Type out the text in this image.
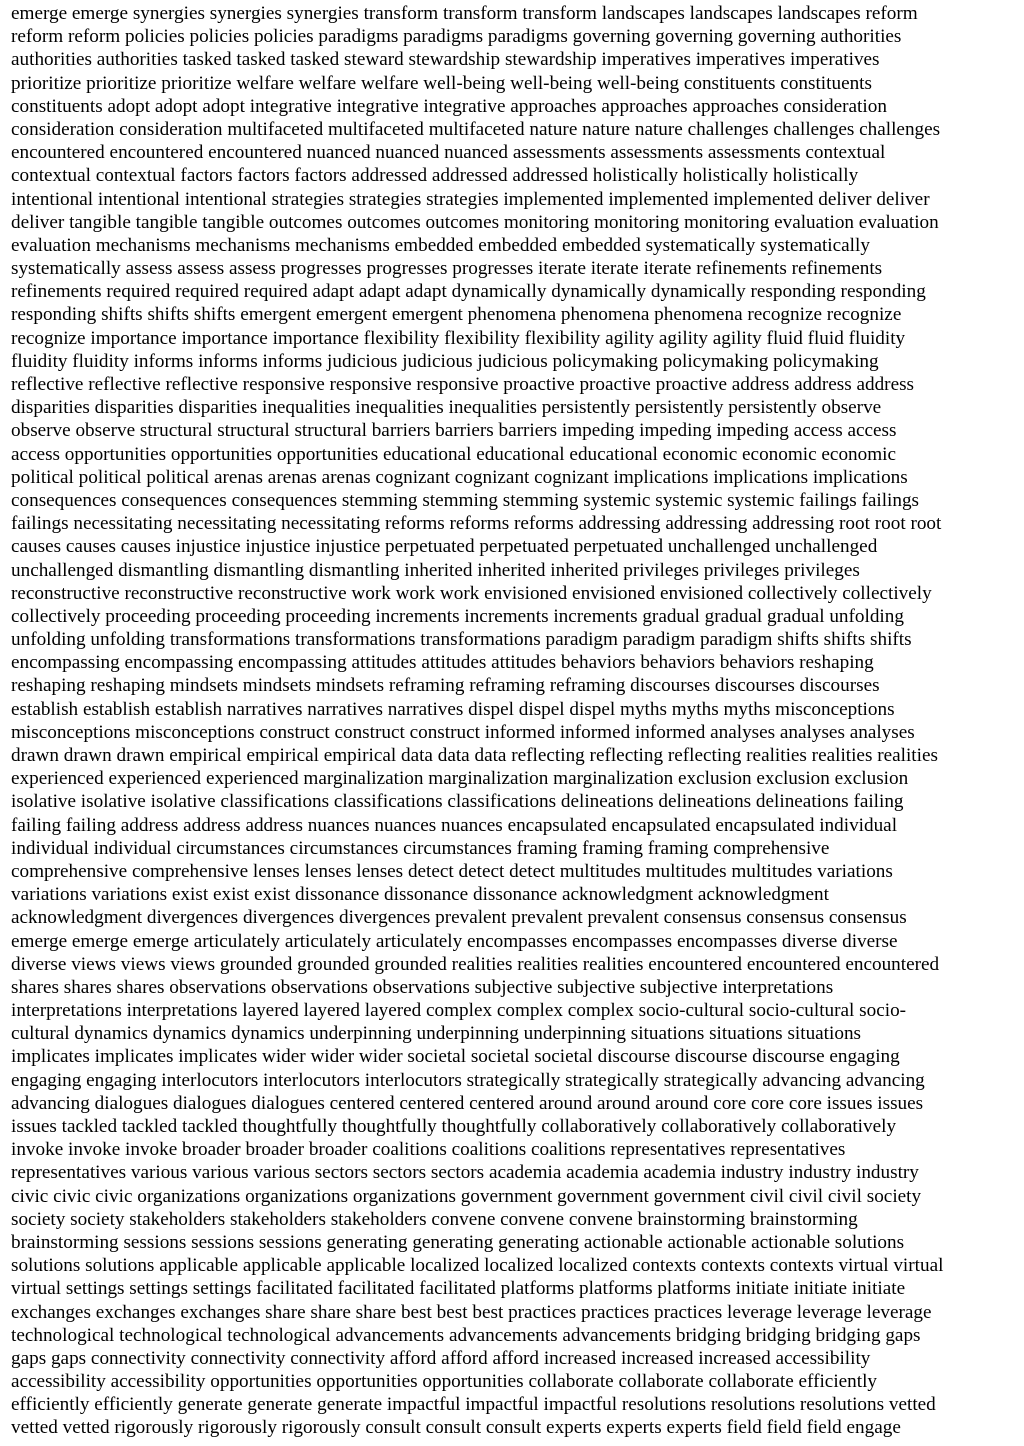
emerge emerge synergies synergies synergies transform transform transform landscapes landscapes landscapes reform
reform reform policies policies policies paradigms paradigms paradigms governing governing governing authorities
authorities authorities tasked tasked tasked steward stewardship stewardship imperatives imperatives imperatives
prioritize prioritize prioritize welfare welfare welfare well-being well-being well-being constituents constituents
constituents adopt adopt adopt integrative integrative integrative approaches approaches approaches consideration
consideration consideration multifaceted multifaceted multifaceted nature nature nature challenges challenges challenges
encountered encountered encountered nuanced nuanced nuanced assessments assessments assessments contextual
contextual contextual factors factors factors addressed addressed addressed holistically holistically holistically
intentional intentional intentional strategies strategies strategies implemented implemented implemented deliver deliver
deliver tangible tangible tangible outcomes outcomes outcomes monitoring monitoring monitoring evaluation evaluation
evaluation mechanisms mechanisms mechanisms embedded embedded embedded systematically systematically
systematically assess assess assess progresses progresses progresses iterate iterate iterate refinements refinements
refinements required required required adapt adapt adapt dynamically dynamically dynamically responding responding
responding shifts shifts shifts emergent emergent emergent phenomena phenomena phenomena recognize recognize
recognize importance importance importance flexibility flexibility flexibility agility agility agility fluid fluid fluidity
fluidity fluidity informs informs informs judicious judicious judicious policymaking policymaking policymaking
reflective reflective reflective responsive responsive responsive proactive proactive proactive address address address
disparities disparities disparities inequalities inequalities inequalities persistently persistently persistently observe
observe observe structural structural structural barriers barriers barriers impeding impeding impeding access access
access opportunities opportunities opportunities educational educational educational economic economic economic
political political political arenas arenas arenas cognizant cognizant cognizant implications implications implications
consequences consequences consequences stemming stemming stemming systemic systemic systemic failings failings
failings necessitating necessitating necessitating reforms reforms reforms addressing addressing addressing root root root
causes causes causes injustice injustice injustice perpetuated perpetuated perpetuated unchallenged unchallenged
unchallenged dismantling dismantling dismantling inherited inherited inherited privileges privileges privileges
reconstructive reconstructive reconstructive work work work envisioned envisioned envisioned collectively collectively
collectively proceeding proceeding proceeding increments increments increments gradual gradual gradual unfolding
unfolding unfolding transformations transformations transformations paradigm paradigm paradigm shifts shifts shifts
encompassing encompassing encompassing attitudes attitudes attitudes behaviors behaviors behaviors reshaping
reshaping reshaping mindsets mindsets mindsets reframing reframing reframing discourses discourses discourses
establish establish establish narratives narratives narratives dispel dispel dispel myths myths myths misconceptions
misconceptions misconceptions construct construct construct informed informed informed analyses analyses analyses
drawn drawn drawn empirical empirical empirical data data data reflecting reflecting reflecting realities realities realities
experienced experienced experienced marginalization marginalization marginalization exclusion exclusion exclusion
isolative isolative isolative classifications classifications classifications delineations delineations delineations failing
failing failing address address address nuances nuances nuances encapsulated encapsulated encapsulated individual
individual individual circumstances circumstances circumstances framing framing framing comprehensive
comprehensive comprehensive lenses lenses lenses detect detect detect multitudes multitudes multitudes variations
variations variations exist exist exist dissonance dissonance dissonance acknowledgment acknowledgment
acknowledgment divergences divergences divergences prevalent prevalent prevalent consensus consensus consensus
emerge emerge emerge articulately articulately articulately encompasses encompasses encompasses diverse diverse
diverse views views views grounded grounded grounded realities realities realities encountered encountered encountered
shares shares shares observations observations observations subjective subjective subjective interpretations
interpretations interpretations layered layered layered complex complex complex socio-cultural socio-cultural socio-
cultural dynamics dynamics dynamics underpinning underpinning underpinning situations situations situations
implicates implicates implicates wider wider wider societal societal societal discourse discourse discourse engaging
engaging engaging interlocutors interlocutors interlocutors strategically strategically strategically advancing advancing
advancing dialogues dialogues dialogues centered centered centered around around around core core core issues issues
issues tackled tackled tackled thoughtfully thoughtfully thoughtfully collaboratively collaboratively collaboratively
invoke invoke invoke broader broader broader coalitions coalitions coalitions representatives representatives
representatives various various various sectors sectors sectors academia academia academia industry industry industry
civic civic civic organizations organizations organizations government government government civil civil civil society
society society stakeholders stakeholders stakeholders convene convene convene brainstorming brainstorming
brainstorming sessions sessions sessions generating generating generating actionable actionable actionable solutions
solutions solutions applicable applicable applicable localized localized localized contexts contexts contexts virtual virtual
virtual settings settings settings facilitated facilitated facilitated platforms platforms platforms initiate initiate initiate
exchanges exchanges exchanges share share share best best best practices practices practices leverage leverage leverage
technological technological technological advancements advancements advancements bridging bridging bridging gaps
gaps gaps connectivity connectivity connectivity afford afford afford increased increased increased accessibility
accessibility accessibility opportunities opportunities opportunities collaborate collaborate collaborate efficiently
efficiently efficiently generate generate generate impactful impactful impactful resolutions resolutions resolutions vetted
vetted vetted rigorously rigorously rigorously consult consult consult experts experts experts field field field engage
